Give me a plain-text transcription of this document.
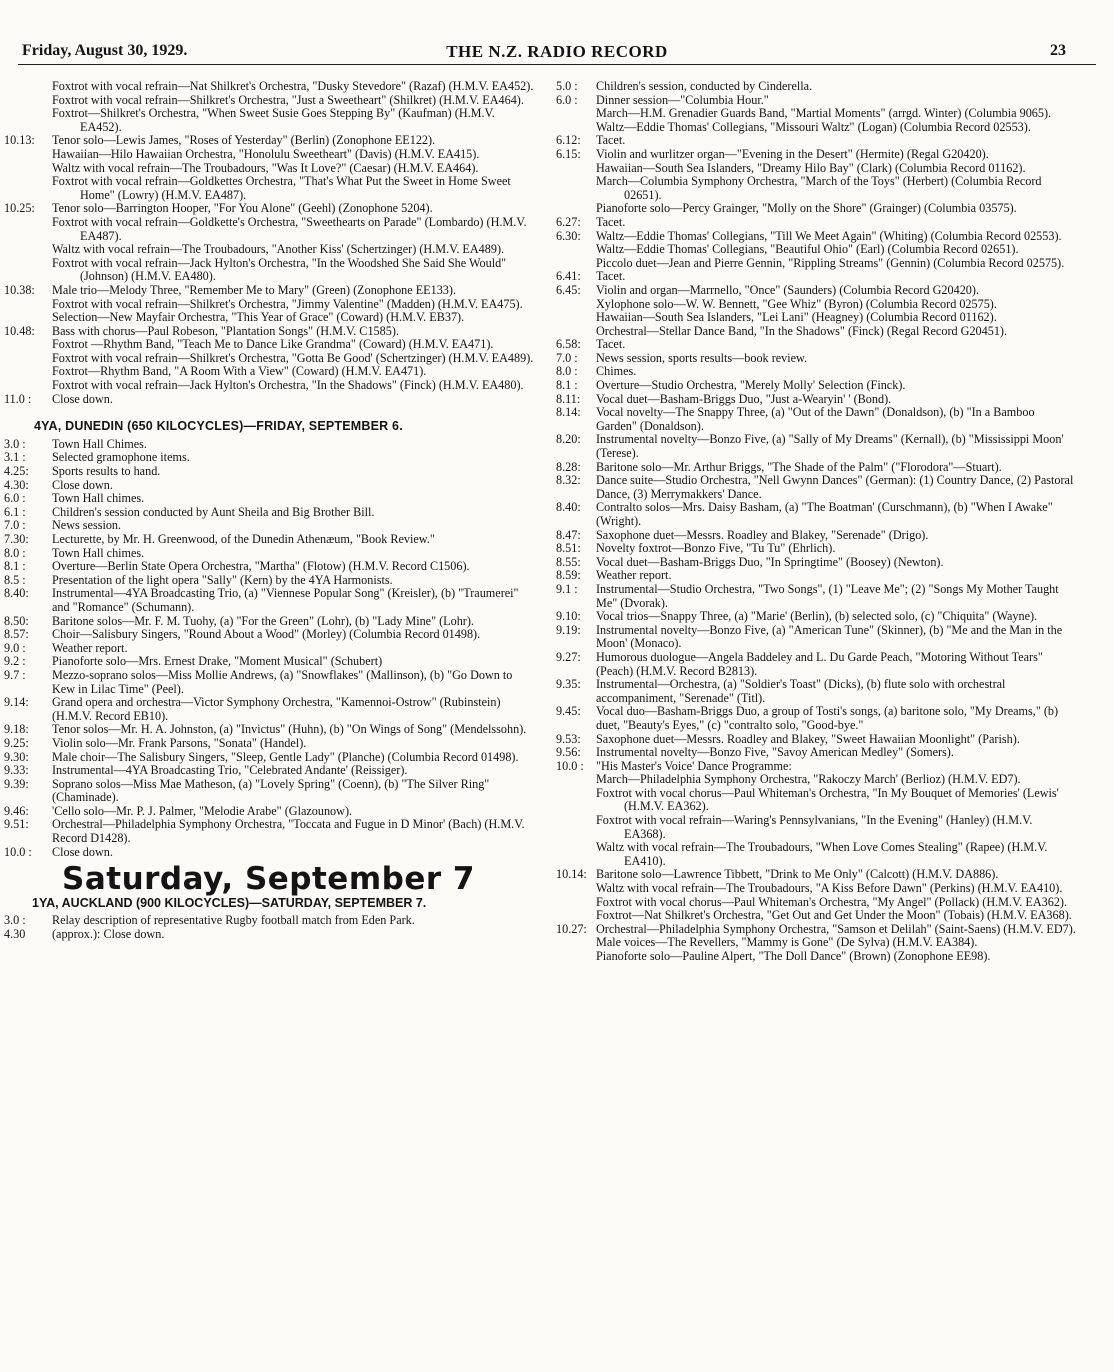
Friday, August 30, 1929.	THE N.Z. RADIO RECORD	23

Foxtrot with vocal refrain—Nat Shilkret's Orchestra, "Dusky Stevedore" (Razaf) (H.M.V. EA452).

Foxtrot with vocal refrain—Shilkret's Orchestra, "Just a Sweetheart" (Shilkret) (H.M.V. EA464).

Foxtrot—Shilkret's Orchestra, "When Sweet Susie Goes Stepping By" (Kaufman) (H.M.V. EA452).

10.13: Tenor solo—Lewis James, "Roses of Yesterday" (Berlin) (Zonophone EE122).

Hawaiian—Hilo Hawaiian Orchestra, "Honolulu Sweetheart" (Davis) (H.M.V. EA415).

Waltz with vocal refrain—The Troubadours, "Was It Love?" (Caesar) (H.M.V. EA464).

Foxtrot with vocal refrain—Goldkettes Orchestra, "That's What Put the Sweet in Home Sweet Home" (Lowry) (H.M.V. EA487).

10.25: Tenor solo—Barrington Hooper, "For You Alone" (Geehl) (Zonophone 5204).

Foxtrot with vocal refrain—Goldkette's Orchestra, "Sweethearts on Parade" (Lombardo) (H.M.V. EA487).

Waltz with vocal refrain—The Troubadours, "Another Kiss' (Schertzinger) (H.M.V. EA489).

Foxtrot with vocal refrain—Jack Hylton's Orchestra, "In the Woodshed She Said She Would" (Johnson) (H.M.V. EA480).

10.38: Male trio—Melody Three, "Remember Me to Mary" (Green) (Zonophone EE133).

Foxtrot with vocal refrain—Shilkret's Orchestra, "Jimmy Valentine" (Madden) (H.M.V. EA475).

Selection—New Mayfair Orchestra, "This Year of Grace" (Coward) (H.M.V. EB37).

10.48: Bass with chorus—Paul Robeson, "Plantation Songs" (H.M.V. C1585).

Foxtrot —Rhythm Band, "Teach Me to Dance Like Grandma" (Coward) (H.M.V. EA471).

Foxtrot with vocal refrain—Shilkret's Orchestra, "Gotta Be Good' (Schertzinger) (H.M.V. EA489).

Foxtrot—Rhythm Band, "A Room With a View" (Coward) (H.M.V. EA471).

Foxtrot with vocal refrain—Jack Hylton's Orchestra, "In the Shadows" (Finck) (H.M.V. EA480).

11.0 : Close down.

4YA, DUNEDIN (650 KILOCYCLES)—FRIDAY, SEPTEMBER 6.

3.0 : Town Hall Chimes.

3.1 : Selected gramophone items.

4.25: Sports results to hand.

4.30: Close down.

6.0 : Town Hall chimes.

6.1 : Children's session conducted by Aunt Sheila and Big Brother Bill.

7.0 : News session.

7.30: Lecturette, by Mr. H. Greenwood, of the Dunedin Athenæum, "Book Review."

8.0 : Town Hall chimes.

8.1 : Overture—Berlin State Opera Orchestra, "Martha" (Flotow) (H.M.V. Record C1506).

8.5 : Presentation of the light opera "Sally" (Kern) by the 4YA Harmonists.

8.40: Instrumental—4YA Broadcasting Trio, (a) "Viennese Popular Song" (Kreisler), (b) "Traumerei" and "Romance" (Schumann).

8.50: Baritone solos—Mr. F. M. Tuohy, (a) "For the Green" (Lohr), (b) "Lady Mine" (Lohr).

8.57: Choir—Salisbury Singers, "Round About a Wood" (Morley) (Columbia Record 01498).

9.0 : Weather report.

9.2 : Pianoforte solo—Mrs. Ernest Drake, "Moment Musical" (Schubert)

9.7 : Mezzo-soprano solos—Miss Mollie Andrews, (a) "Snowflakes" (Mallinson), (b) "Go Down to Kew in Lilac Time" (Peel).

9.14: Grand opera and orchestra—Victor Symphony Orchestra, "Kamennoi-Ostrow" (Rubinstein) (H.M.V. Record EB10).

9.18: Tenor solos—Mr. H. A. Johnston, (a) "Invictus" (Huhn), (b) "On Wings of Song" (Mendelssohn).

9.25: Violin solo—Mr. Frank Parsons, "Sonata" (Handel).

9.30: Male choir—The Salisbury Singers, "Sleep, Gentle Lady" (Planche) (Columbia Record 01498).

9.33: Instrumental—4YA Broadcasting Trio, "Celebrated Andante' (Reissiger).

9.39: Soprano solos—Miss Mae Matheson, (a) "Lovely Spring" (Coenn), (b) "The Silver Ring" (Chaminade).

9.46: 'Cello solo—Mr. P. J. Palmer, "Melodie Arabe" (Glazounow).

9.51: Orchestral—Philadelphia Symphony Orchestra, "Toccata and Fugue in D Minor' (Bach) (H.M.V. Record D1428).

10.0 : Close down.

Saturday, September 7
1YA, AUCKLAND (900 KILOCYCLES)—SATURDAY, SEPTEMBER 7.

3.0 : Relay description of representative Rugby football match from Eden Park.

4.30 (approx.): Close down.

5.0 : Children's session, conducted by Cinderella.

6.0 : Dinner session—"Columbia Hour."

March—H.M. Grenadier Guards Band, "Martial Moments" (arrgd. Winter) (Columbia 9065).

Waltz—Eddie Thomas' Collegians, "Missouri Waltz" (Logan) (Columbia Record 02553).

6.12: Tacet.

6.15: Violin and wurlitzer organ—"Evening in the Desert" (Hermite) (Regal G20420).

Hawaiian—South Sea Islanders, "Dreamy Hilo Bay" (Clark) (Columbia Record 01162).

March—Columbia Symphony Orchestra, "March of the Toys" (Herbert) (Columbia Record 02651).

Pianoforte solo—Percy Grainger, "Molly on the Shore" (Grainger) (Columbia 03575).

6.27: Tacet.

6.30: Waltz—Eddie Thomas' Collegians, "Till We Meet Again" (Whiting) (Columbia Record 02553).

Waltz—Eddie Thomas' Collegians, "Beautiful Ohio" (Earl) (Columbia Record 02651).

Piccolo duet—Jean and Pierre Gennin, "Rippling Streams" (Gennin) (Columbia Record 02575).

6.41: Tacet.

6.45: Violin and organ—Marrnello, "Once" (Saunders) (Columbia Record G20420).

Xylophone solo—W. W. Bennett, "Gee Whiz" (Byron) (Columbia Record 02575).

Hawaiian—South Sea Islanders, "Lei Lani" (Heagney) (Columbia Record 01162).

Orchestral—Stellar Dance Band, "In the Shadows" (Finck) (Regal Record G20451).

6.58: Tacet.

7.0 : News session, sports results—book review.

8.0 : Chimes.

8.1 : Overture—Studio Orchestra, "Merely Molly' Selection (Finck).

8.11: Vocal duet—Basham-Briggs Duo, "Just a-Wearyin' ' (Bond).

8.14: Vocal novelty—The Snappy Three, (a) "Out of the Dawn" (Donaldson), (b) "In a Bamboo Garden" (Donaldson).

8.20: Instrumental novelty—Bonzo Five, (a) "Sally of My Dreams" (Kernall), (b) "Mississippi Moon' (Terese).

8.28: Baritone solo—Mr. Arthur Briggs, "The Shade of the Palm" ("Florodora"—Stuart).

8.32: Dance suite—Studio Orchestra, "Nell Gwynn Dances" (German): (1) Country Dance, (2) Pastoral Dance, (3) Merrymakkers' Dance.

8.40: Contralto solos—Mrs. Daisy Basham, (a) "The Boatman' (Curschmann), (b) "When I Awake" (Wright).

8.47: Saxophone duet—Messrs. Roadley and Blakey, "Serenade" (Drigo).

8.51: Novelty foxtrot—Bonzo Five, "Tu Tu" (Ehrlich).

8.55: Vocal duet—Basham-Briggs Duo, "In Springtime" (Boosey) (Newton).

8.59: Weather report.

9.1 : Instrumental—Studio Orchestra, "Two Songs", (1) "Leave Me"; (2) "Songs My Mother Taught Me" (Dvorak).

9.10: Vocal trios—Snappy Three, (a) "Marie' (Berlin), (b) selected solo, (c) "Chiquita" (Wayne).

9.19: Instrumental novelty—Bonzo Five, (a) "American Tune" (Skinner), (b) "Me and the Man in the Moon' (Monaco).

9.27: Humorous duologue—Angela Baddeley and L. Du Garde Peach, "Motoring Without Tears" (Peach) (H.M.V. Record B2813).

9.35: Instrumental—Orchestra, (a) "Soldier's Toast" (Dicks), (b) flute solo with orchestral accompaniment, "Serenade" (Titl).

9.45: Vocal duo—Basham-Briggs Duo, a group of Tosti's songs, (a) baritone solo, "My Dreams," (b) duet, "Beauty's Eyes," (c) "contralto solo, "Good-bye."

9.53: Saxophone duet—Messrs. Roadley and Blakey, "Sweet Hawaiian Moonlight" (Parish).

9.56: Instrumental novelty—Bonzo Five, "Savoy American Medley" (Somers).

10.0 : "His Master's Voice' Dance Programme:

March—Philadelphia Symphony Orchestra, "Rakoczy March' (Berlioz) (H.M.V. ED7).

Foxtrot with vocal chorus—Paul Whiteman's Orchestra, "In My Bouquet of Memories' (Lewis' (H.M.V. EA362).

Foxtrot with vocal refrain—Waring's Pennsylvanians, "In the Evening" (Hanley) (H.M.V. EA368).

Waltz with vocal refrain—The Troubadours, "When Love Comes Stealing" (Rapee) (H.M.V. EA410).

10.14: Baritone solo—Lawrence Tibbett, "Drink to Me Only" (Calcott) (H.M.V. DA886).

Waltz with vocal refrain—The Troubadours, "A Kiss Before Dawn" (Perkins) (H.M.V. EA410).

Foxtrot with vocal chorus—Paul Whiteman's Orchestra, "My Angel" (Pollack) (H.M.V. EA362).

Foxtrot—Nat Shilkret's Orchestra, "Get Out and Get Under the Moon" (Tobais) (H.M.V. EA368).

10.27: Orchestral—Philadelphia Symphony Orchestra, "Samson et Delilah" (Saint-Saens) (H.M.V. ED7).

Male voices—The Revellers, "Mammy is Gone" (De Sylva) (H.M.V. EA384).

Pianoforte solo—Pauline Alpert, "The Doll Dance" (Brown) (Zonophone EE98).
